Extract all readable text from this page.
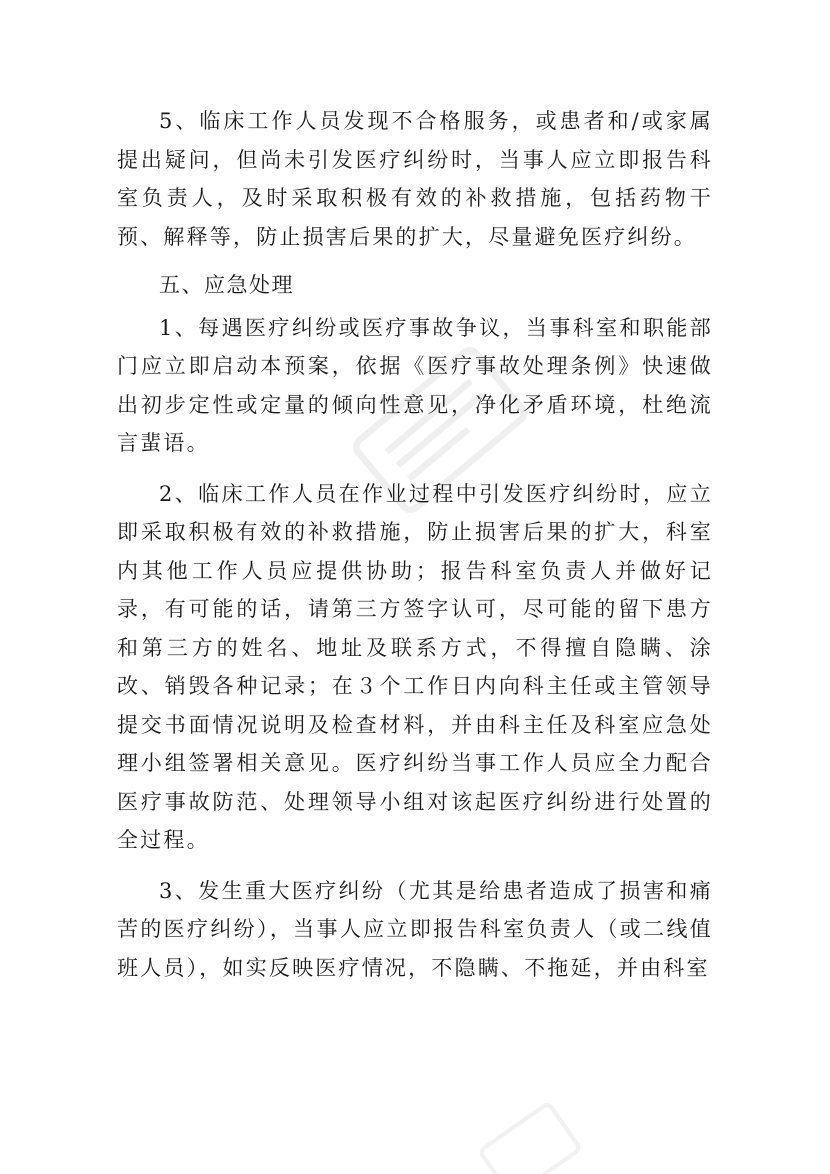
5、临床工作人员发现不合格服务，或患者和/或家属提出疑问，但尚未引发医疗纠纷时，当事人应立即报告科室负责人，及时采取积极有效的补救措施，包括药物干预、解释等，防止损害后果的扩大，尽量避免医疗纠纷。

五、应急处理

1、每遇医疗纠纷或医疗事故争议，当事科室和职能部门应立即启动本预案，依据《医疗事故处理条例》快速做出初步定性或定量的倾向性意见，净化矛盾环境，杜绝流言蜚语。

2、临床工作人员在作业过程中引发医疗纠纷时，应立即采取积极有效的补救措施，防止损害后果的扩大，科室内其他工作人员应提供协助；报告科室负责人并做好记录，有可能的话，请第三方签字认可，尽可能的留下患方和第三方的姓名、地址及联系方式，不得擅自隐瞒、涂改、销毁各种记录；在３个工作日内向科主任或主管领导提交书面情况说明及检查材料，并由科主任及科室应急处理小组签署相关意见。医疗纠纷当事工作人员应全力配合医疗事故防范、处理领导小组对该起医疗纠纷进行处置的全过程。

3、发生重大医疗纠纷（尤其是给患者造成了损害和痛苦的医疗纠纷），当事人应立即报告科室负责人（或二线值班人员），如实反映医疗情况，不隐瞒、不拖延，并由科室
